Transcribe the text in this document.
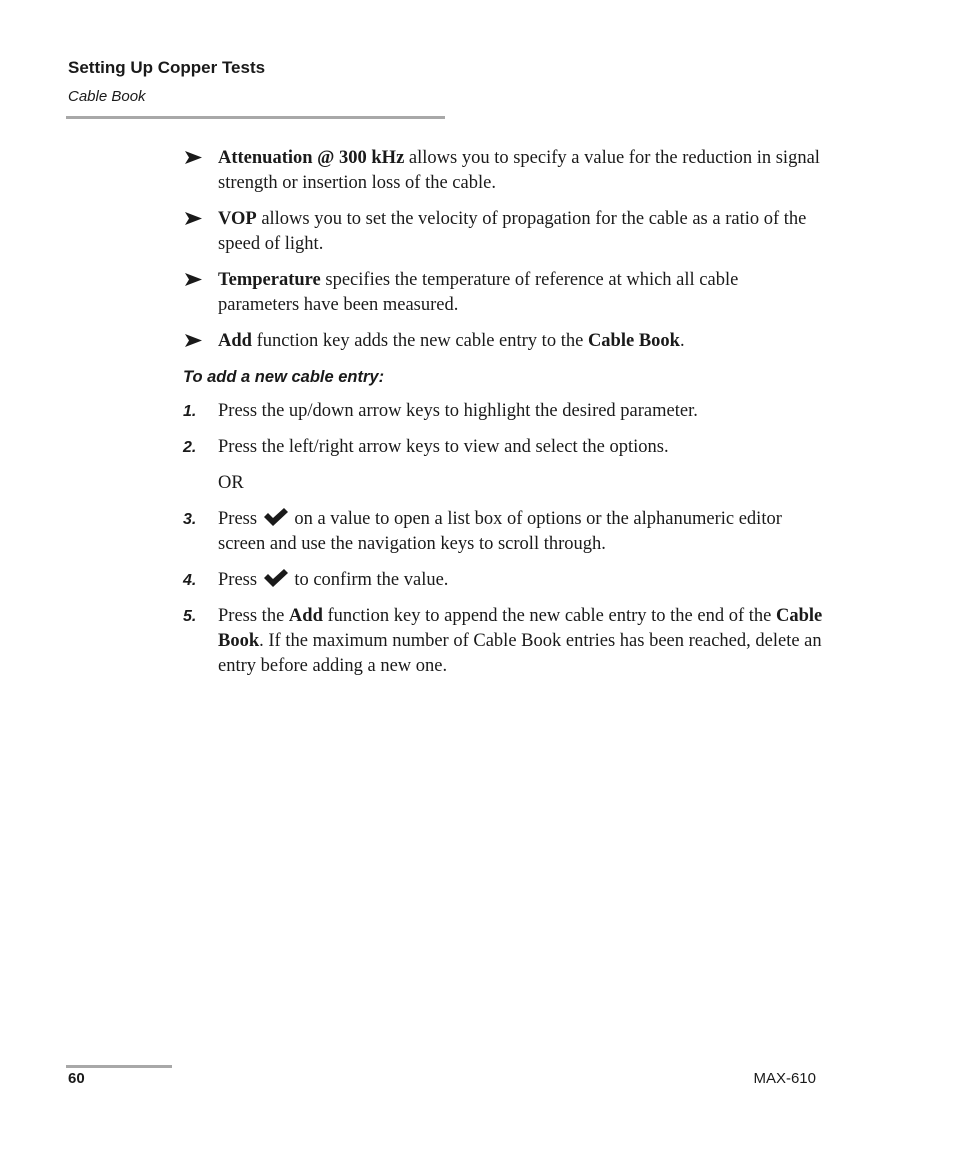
Setting Up Copper Tests
Cable Book
Attenuation @ 300 kHz allows you to specify a value for the reduction in signal strength or insertion loss of the cable.
VOP allows you to set the velocity of propagation for the cable as a ratio of the speed of light.
Temperature specifies the temperature of reference at which all cable parameters have been measured.
Add function key adds the new cable entry to the Cable Book.
To add a new cable entry:
1. Press the up/down arrow keys to highlight the desired parameter.
2. Press the left/right arrow keys to view and select the options.
OR
3. Press  on a value to open a list box of options or the alphanumeric editor screen and use the navigation keys to scroll through.
4. Press  to confirm the value.
5. Press the Add function key to append the new cable entry to the end of the Cable Book. If the maximum number of Cable Book entries has been reached, delete an entry before adding a new one.
60	MAX-610
